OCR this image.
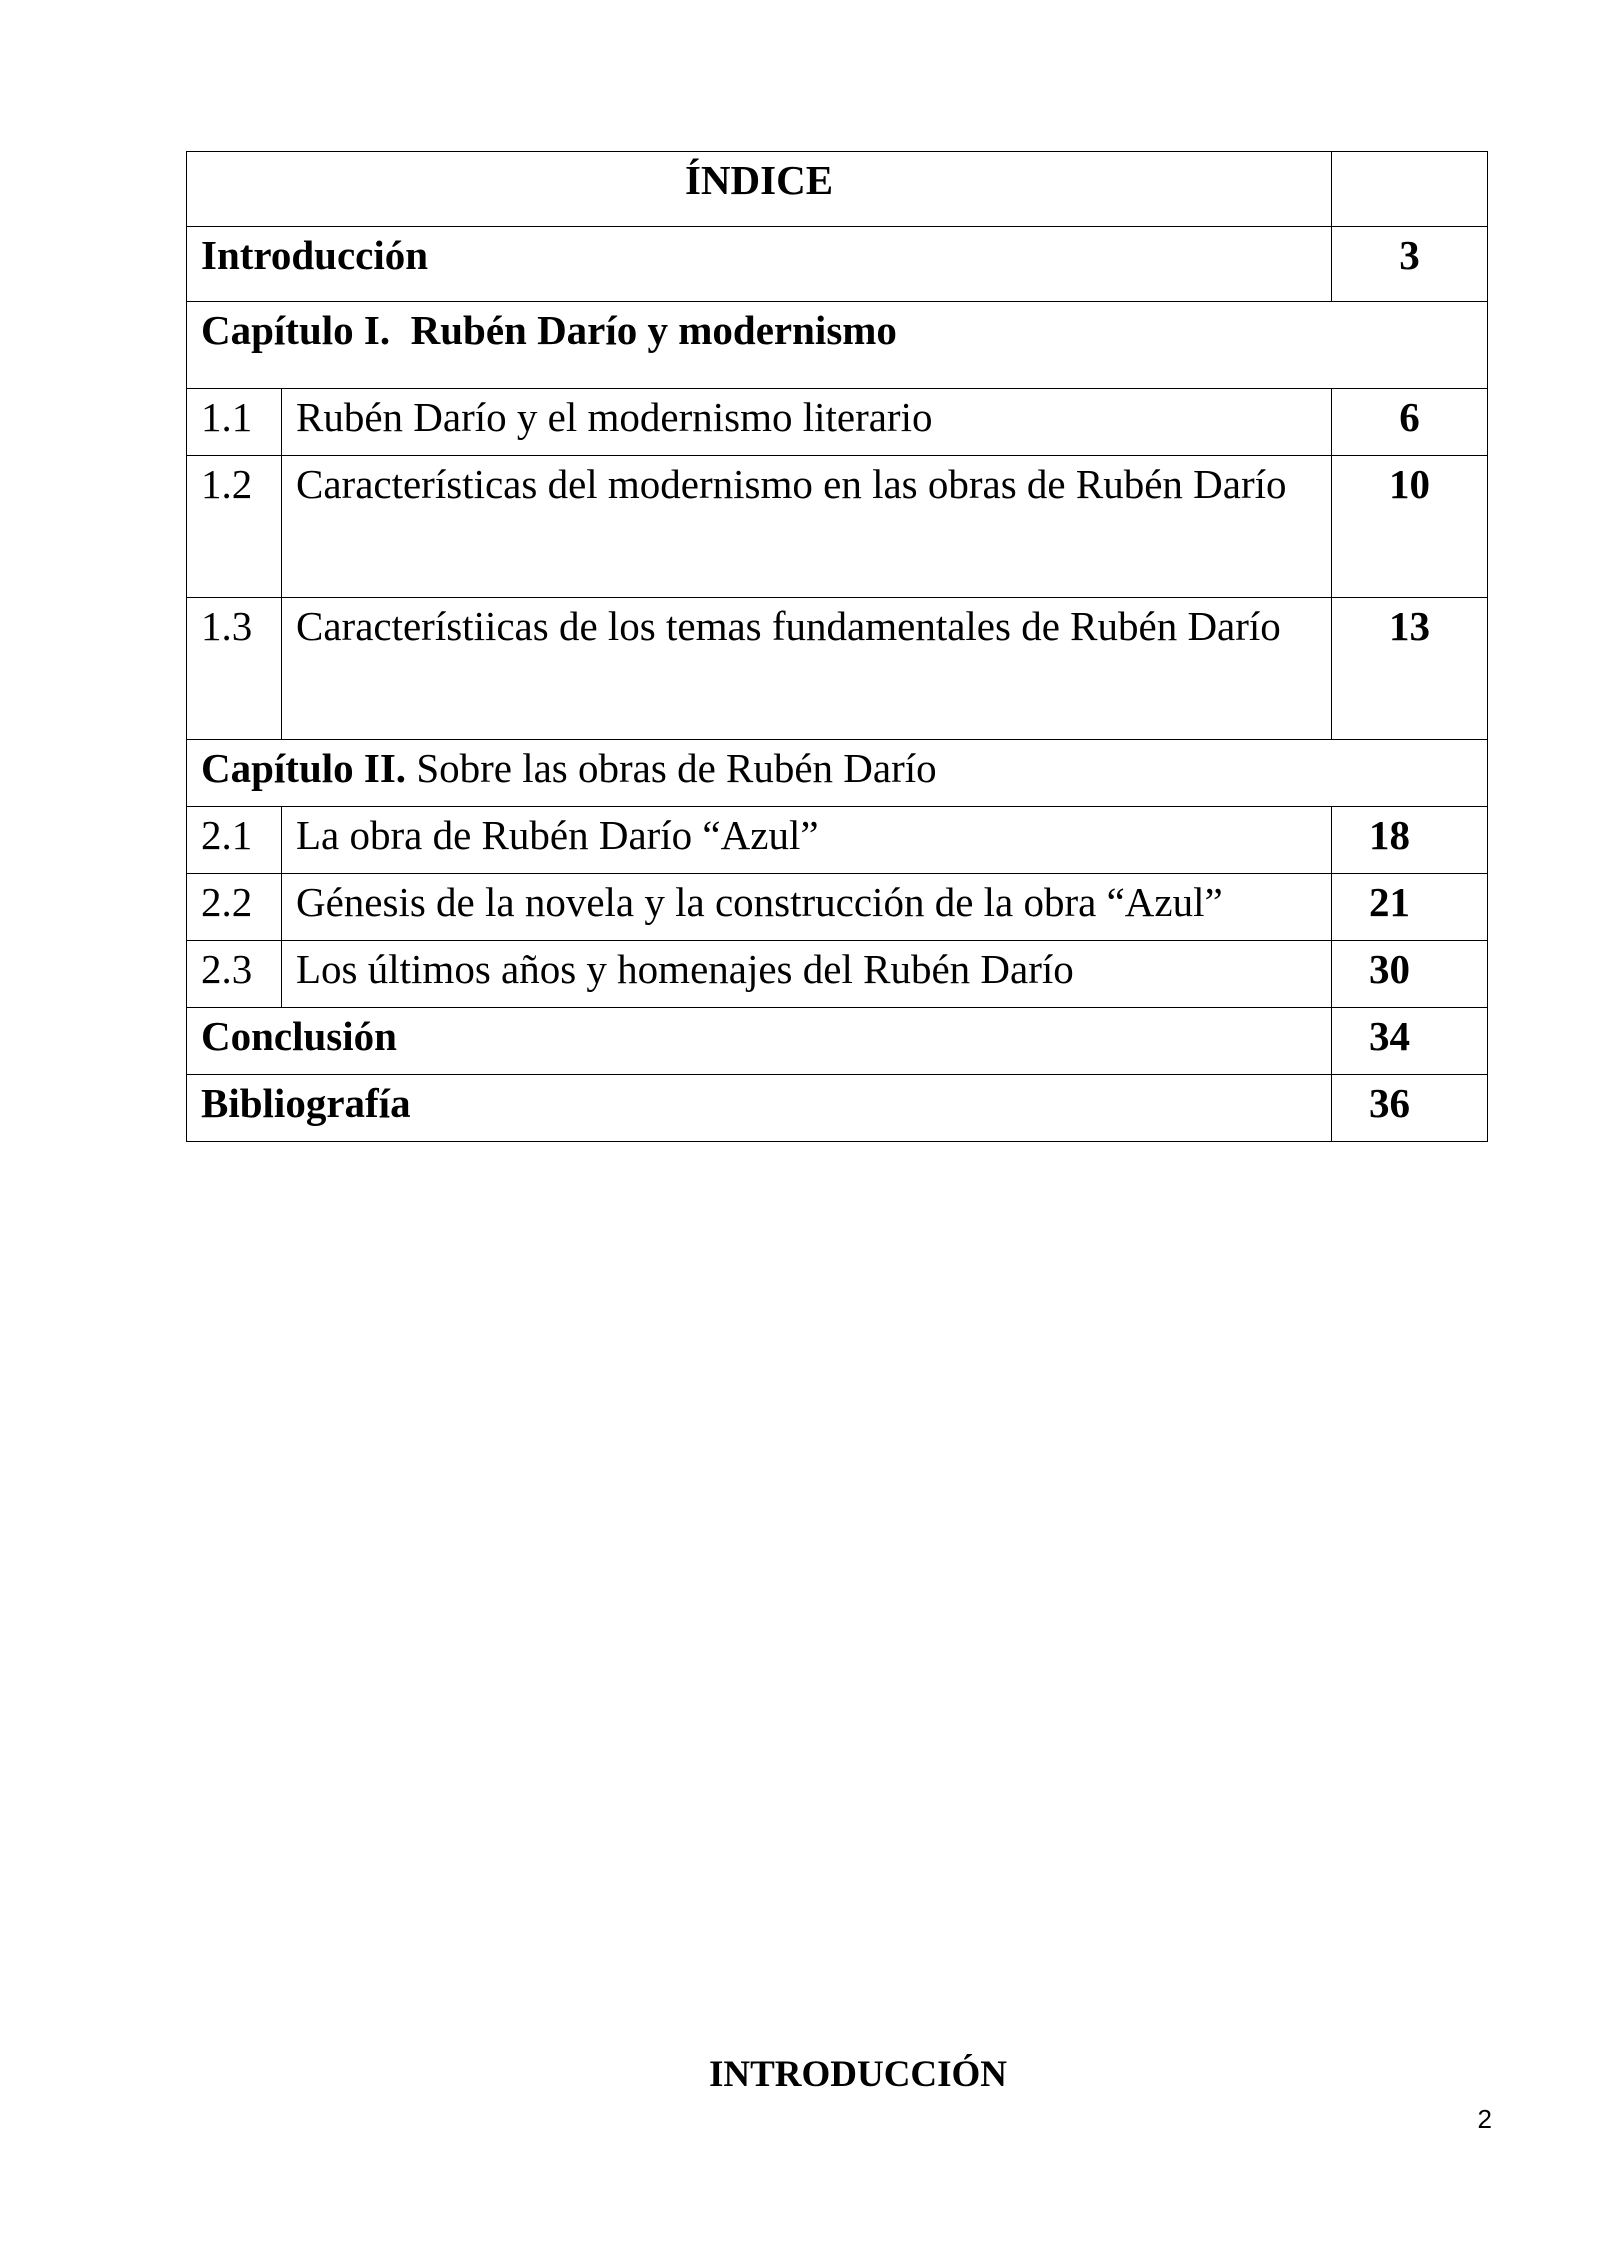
ÍNDICE		
Introducción		3
Capítulo I. Rubén Darío y modernismo		
1.1	Rubén Darío y el modernismo literario	6
1.2	Características del modernismo en las obras de Rubén Darío	10
1.3	Característiicas de los temas fundamentales de Rubén Darío	13
Capítulo II. Sobre las obras de Rubén Darío		
2.1	La obra de Rubén Darío “Azul”	18
2.2	Génesis de la novela y la construcción de la obra “Azul”	21
2.3	Los últimos años y homenajes del Rubén Darío	30
Conclusión		34
Bibliografía		36
INTRODUCCIÓN
2
